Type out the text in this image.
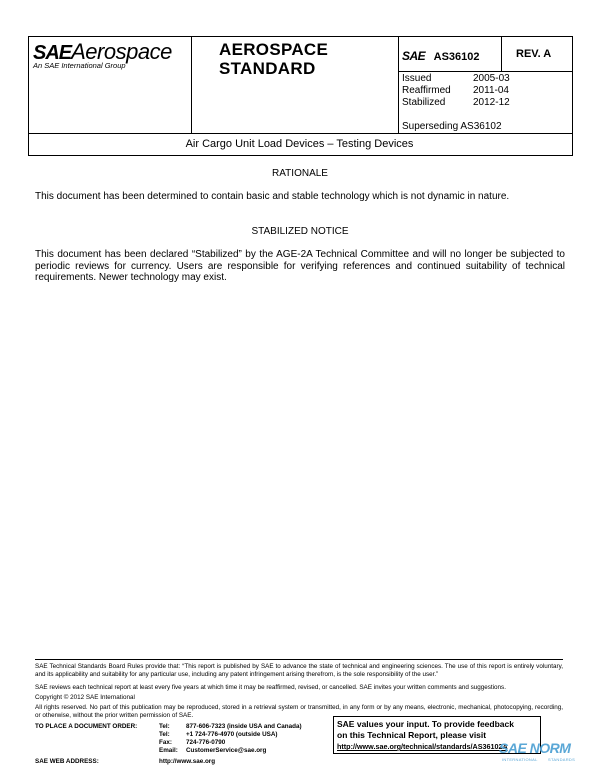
SAEAerospace
An SAE International Group
AEROSPACE
STANDARD
SAE AS36102	REV. A
Issued	2005-03
Reaffirmed 2011-04
Stabilized	2012-12
Superseding AS36102
Air Cargo Unit Load Devices – Testing Devices
RATIONALE
This document has been determined to contain basic and stable technology which is not dynamic in nature.
STABILIZED NOTICE
This document has been declared “Stabilized” by the AGE-2A Technical Committee and will no longer be subjected to periodic reviews for currency. Users are responsible for verifying references and continued suitability of technical requirements. Newer technology may exist.
SAE Technical Standards Board Rules provide that: “This report is published by SAE to advance the state of technical and engineering sciences. The use of this report is entirely voluntary, and its applicability and suitability for any particular use, including any patent infringement arising therefrom, is the sole responsibility of the user.”
SAE reviews each technical report at least every five years at which time it may be reaffirmed, revised, or cancelled. SAE invites your written comments and suggestions.
Copyright © 2012 SAE International
All rights reserved. No part of this publication may be reproduced, stored in a retrieval system or transmitted, in any form or by any means, electronic, mechanical, photocopying, recording, or otherwise, without the prior written permission of SAE.
TO PLACE A DOCUMENT ORDER:	Tel:	877-606-7323 (inside USA and Canada)
Tel:	+1 724-776-4970 (outside USA)
Fax: 724-776-0790
Email: CustomerService@sae.org
SAE WEB ADDRESS:	http://www.sae.org
SAE values your input. To provide feedback
on this Technical Report, please visit
http://www.sae.org/technical/standards/AS36102A
SAE NORM
INTERNATIONAL	STANDARDS
